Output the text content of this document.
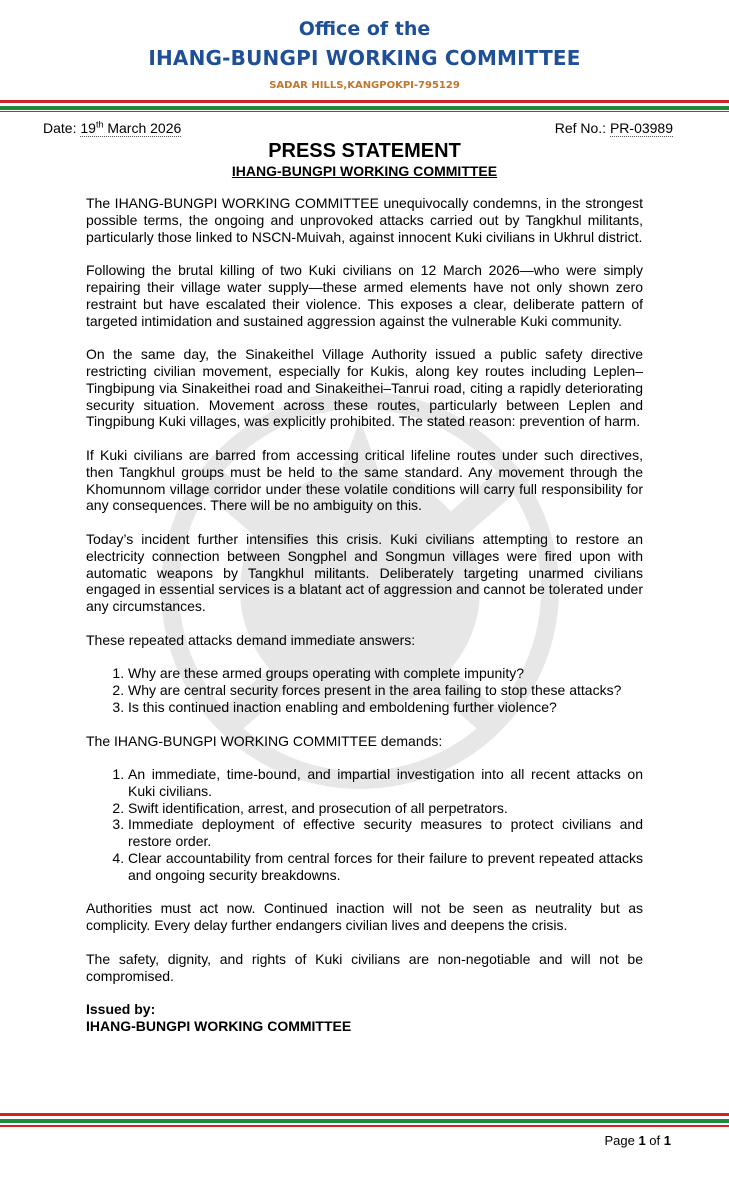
Office of the
IHANG-BUNGPI WORKING COMMITTEE
SADAR HILLS,KANGPOKPI-795129
Date: 19th March 2026	Ref No.: PR-03989
PRESS STATEMENT
IHANG-BUNGPI WORKING COMMITTEE

The IHANG-BUNGPI WORKING COMMITTEE unequivocally condemns, in the strongest possible terms, the ongoing and unprovoked attacks carried out by Tangkhul militants, particularly those linked to NSCN-Muivah, against innocent Kuki civilians in Ukhrul district.

Following the brutal killing of two Kuki civilians on 12 March 2026—who were simply repairing their village water supply—these armed elements have not only shown zero restraint but have escalated their violence. This exposes a clear, deliberate pattern of targeted intimidation and sustained aggression against the vulnerable Kuki community.

On the same day, the Sinakeithel Village Authority issued a public safety directive restricting civilian movement, especially for Kukis, along key routes including Leplen–Tingbipung via Sinakeithei road and Sinakeithei–Tanrui road, citing a rapidly deteriorating security situation. Movement across these routes, particularly between Leplen and Tingpibung Kuki villages, was explicitly prohibited. The stated reason: prevention of harm.

If Kuki civilians are barred from accessing critical lifeline routes under such directives, then Tangkhul groups must be held to the same standard. Any movement through the Khomunnom village corridor under these volatile conditions will carry full responsibility for any consequences. There will be no ambiguity on this.

Today’s incident further intensifies this crisis. Kuki civilians attempting to restore an electricity connection between Songphel and Songmun villages were fired upon with automatic weapons by Tangkhul militants. Deliberately targeting unarmed civilians engaged in essential services is a blatant act of aggression and cannot be tolerated under any circumstances.

These repeated attacks demand immediate answers:

1. Why are these armed groups operating with complete impunity?
2. Why are central security forces present in the area failing to stop these attacks?
3. Is this continued inaction enabling and emboldening further violence?

The IHANG-BUNGPI WORKING COMMITTEE demands:

1. An immediate, time-bound, and impartial investigation into all recent attacks on Kuki civilians.
2. Swift identification, arrest, and prosecution of all perpetrators.
3. Immediate deployment of effective security measures to protect civilians and restore order.
4. Clear accountability from central forces for their failure to prevent repeated attacks and ongoing security breakdowns.

Authorities must act now. Continued inaction will not be seen as neutrality but as complicity. Every delay further endangers civilian lives and deepens the crisis.

The safety, dignity, and rights of Kuki civilians are non-negotiable and will not be compromised.

Issued by:
IHANG-BUNGPI WORKING COMMITTEE
Page 1 of 1
